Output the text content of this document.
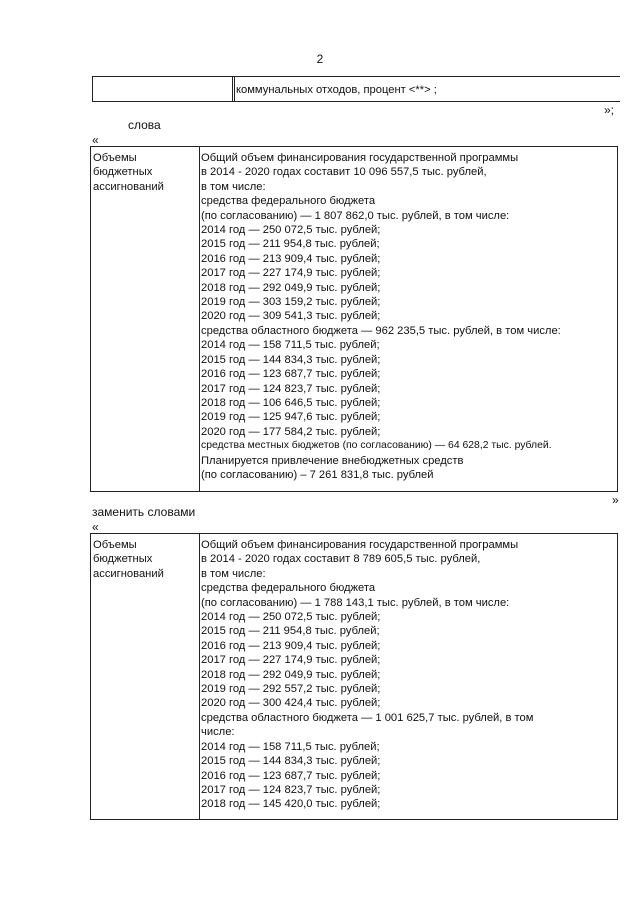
2
коммунальных отходов, процент <**> ;
»;
слова
«
Объемы
бюджетных
ассигнований
Общий объем финансирования государственной программы
в 2014 - 2020 годах составит 10 096 557,5 тыс. рублей,
в том числе:
средства федерального бюджета
(по согласованию) — 1 807 862,0 тыс. рублей, в том числе:
2014 год — 250 072,5 тыс. рублей;
2015 год — 211 954,8 тыс. рублей;
2016 год — 213 909,4 тыс. рублей;
2017 год — 227 174,9 тыс. рублей;
2018 год — 292 049,9 тыс. рублей;
2019 год — 303 159,2 тыс. рублей;
2020 год — 309 541,3 тыс. рублей;
средства областного бюджета — 962 235,5 тыс. рублей, в том числе:
2014 год — 158 711,5 тыс. рублей;
2015 год — 144 834,3 тыс. рублей;
2016 год — 123 687,7 тыс. рублей;
2017 год — 124 823,7 тыс. рублей;
2018 год — 106 646,5 тыс. рублей;
2019 год — 125 947,6 тыс. рублей;
2020 год — 177 584,2 тыс. рублей;
средства местных бюджетов (по согласованию) — 64 628,2 тыс. рублей.
Планируется привлечение внебюджетных средств
(по согласованию) – 7 261 831,8 тыс. рублей
»
заменить словами
«
Объемы
бюджетных
ассигнований
Общий объем финансирования государственной программы
в 2014 - 2020 годах составит 8 789 605,5 тыс. рублей,
в том числе:
средства федерального бюджета
(по согласованию) — 1 788 143,1 тыс. рублей, в том числе:
2014 год — 250 072,5 тыс. рублей;
2015 год — 211 954,8 тыс. рублей;
2016 год — 213 909,4 тыс. рублей;
2017 год — 227 174,9 тыс. рублей;
2018 год — 292 049,9 тыс. рублей;
2019 год — 292 557,2 тыс. рублей;
2020 год — 300 424,4 тыс. рублей;
средства областного бюджета — 1 001 625,7 тыс. рублей, в том
числе:
2014 год — 158 711,5 тыс. рублей;
2015 год — 144 834,3 тыс. рублей;
2016 год — 123 687,7 тыс. рублей;
2017 год — 124 823,7 тыс. рублей;
2018 год — 145 420,0 тыс. рублей;
